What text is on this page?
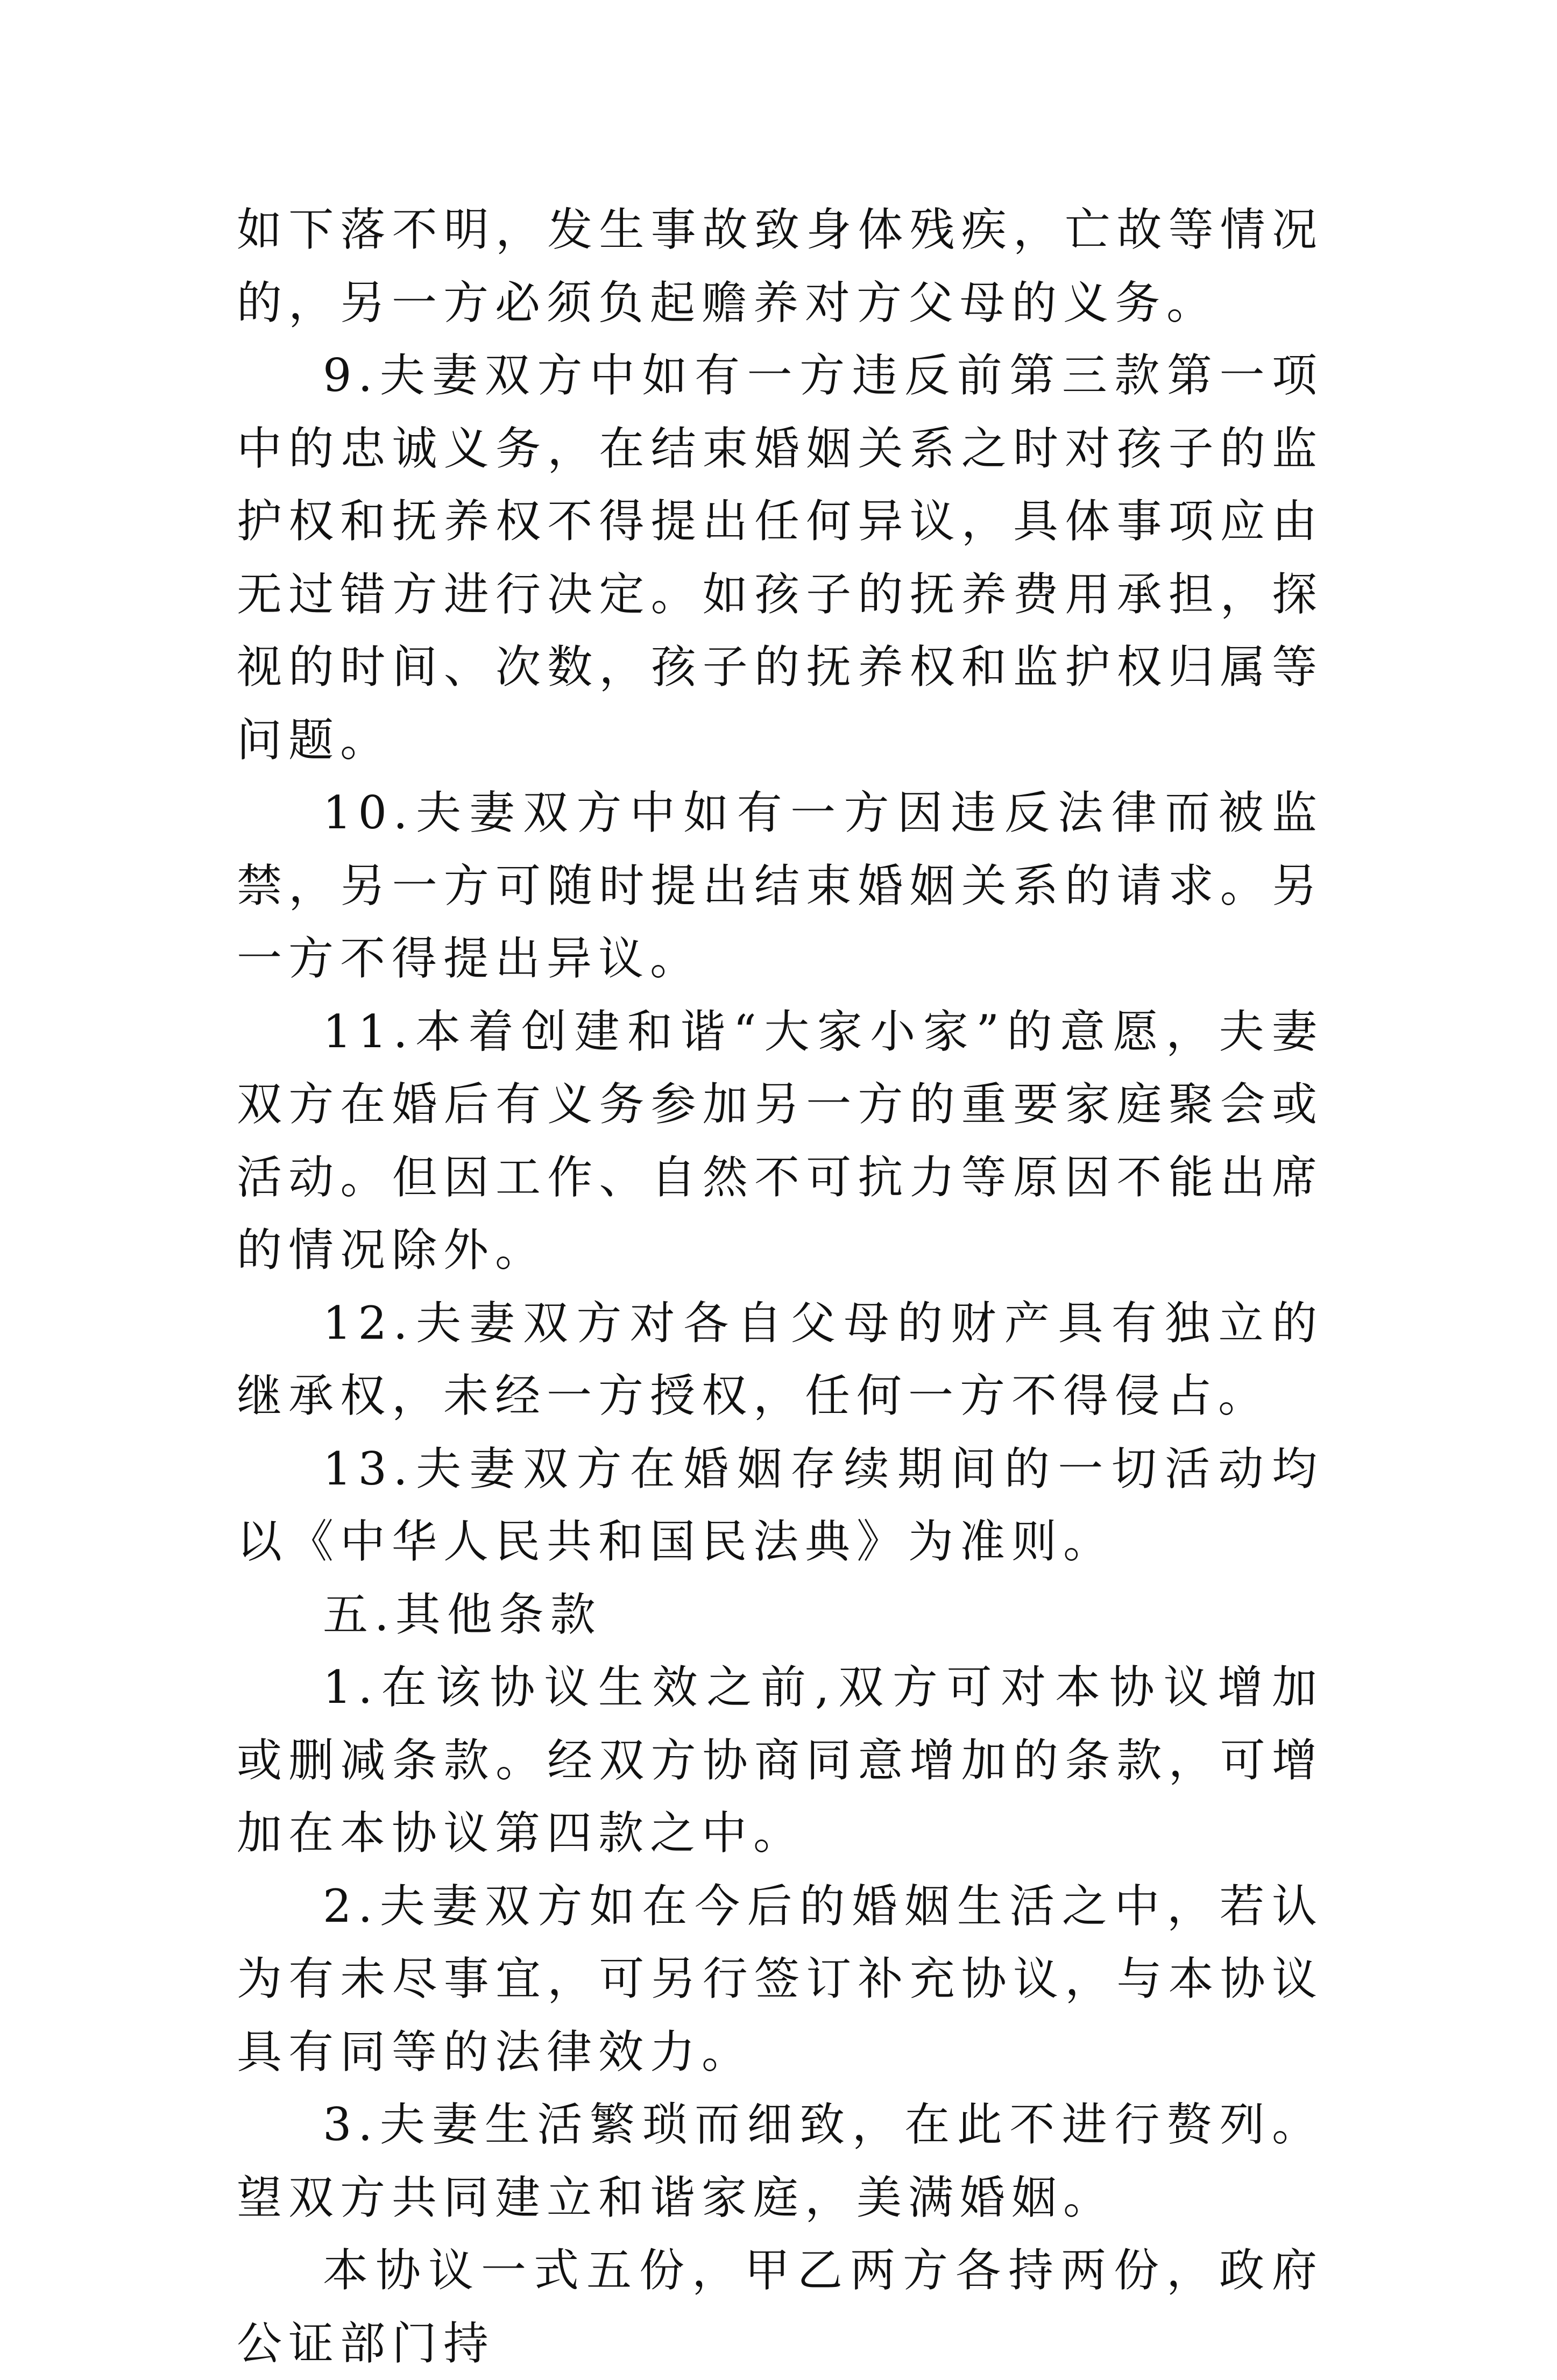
如下落不明，发生事故致身体残疾，亡故等情况的，另一方必须负起赡养对方父母的义务。

9.夫妻双方中如有一方违反前第三款第一项中的忠诚义务，在结束婚姻关系之时对孩子的监护权和抚养权不得提出任何异议，具体事项应由无过错方进行决定。如孩子的抚养费用承担，探视的时间、次数，孩子的抚养权和监护权归属等问题。

10.夫妻双方中如有一方因违反法律而被监禁，另一方可随时提出结束婚姻关系的请求。另一方不得提出异议。

11.本着创建和谐“大家小家”的意愿，夫妻双方在婚后有义务参加另一方的重要家庭聚会或活动。但因工作、自然不可抗力等原因不能出席的情况除外。

12.夫妻双方对各自父母的财产具有独立的继承权，未经一方授权，任何一方不得侵占。

13.夫妻双方在婚姻存续期间的一切活动均以《中华人民共和国民法典》为准则。

五.其他条款

1.在该协议生效之前,双方可对本协议增加或删减条款。经双方协商同意增加的条款，可增加在本协议第四款之中。

2.夫妻双方如在今后的婚姻生活之中，若认为有未尽事宜，可另行签订补充协议，与本协议具有同等的法律效力。

3.夫妻生活繁琐而细致，在此不进行赘列。望双方共同建立和谐家庭，美满婚姻。

本协议一式五份，甲乙两方各持两份，政府公证部门持
